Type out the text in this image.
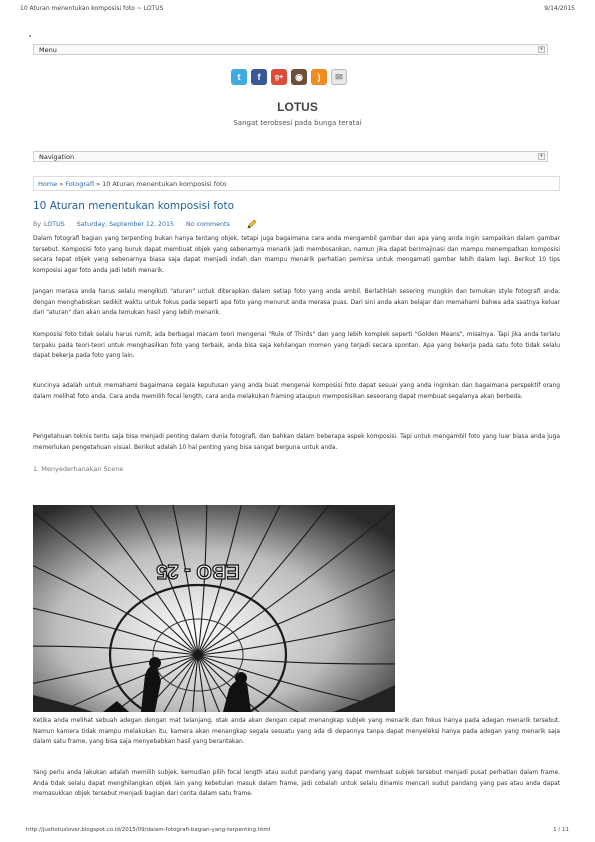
10 Aturan menentukan komposisi foto ~ LOTUS	9/14/2015
Menu	▾
t	f	g+	◉	)	✉
LOTUS
Sangat terobsesi pada bunga teratai
Navigation	▾
Home » Fotografi » 10 Aturan menentukan komposisi foto
10 Aturan menentukan komposisi foto
By LOTUS Saturday, September 12, 2015 No comments
Dalam fotografi bagian yang terpenting bukan hanya tentang objek, tetapi juga bagaimana cara anda mengambil gambar dan apa yang anda ingin sampaikan dalam gambar tersebut. Komposisi foto yang buruk dapat membuat objek yang sebenarnya menarik jadi membosankan, namun jika dapat berimajinasi dan mampu menempatkan komposisi secara tepat objek yang sebenarnya biasa saja dapat menjadi indah dan mampu menarik perhatian pemirsa untuk mengamati gambar lebih dalam lagi. Berikut 10 tips komposisi agar foto anda jadi lebih menarik.
Jangan merasa anda harus selalu mengikuti "aturan" untuk diterapkan dalam setiap foto yang anda ambil. Berlatihlah sesering mungkin dan temukan style fotografi anda, dengan menghabiskan sedikit waktu untuk fokus pada seperti apa foto yang menurut anda merasa puas. Dari sini anda akan belajar dan memahami bahwa ada saatnya keluar dari "aturan" dan akan anda temukan hasil yang lebih menarik.
Komposisi foto tidak selalu harus rumit, ada berbagai macam teori mengenai "Rule of Thirds" dan yang lebih komplek seperti "Golden Means", misalnya. Tapi jika anda terlalu terpaku pada teori-teori untuk menghasilkan foto yang terbaik, anda bisa saja kehilangan momen yang terjadi secara spontan. Apa yang bekerja pada satu foto tidak selalu dapat bekerja pada foto yang lain.
Kuncinya adalah untuk memahami bagaimana segala keputusan yang anda buat mengenai komposisi foto dapat sesuai yang anda inginkan dan bagaimana perspektif orang dalam melihat foto anda. Cara anda memilih focal length, cara anda melakukan framing ataupun memposisikan seseorang dapat membuat segalanya akan berbeda.
Pengetahuan teknis tentu saja bisa menjadi penting dalam dunia fotografi, dan bahkan dalam beberapa aspek komposisi. Tapi untuk mengambil foto yang luar biasa anda juga memerlukan pengetahuan visual. Berikut adalah 10 hal penting yang bisa sangat berguna untuk anda.
1. Menyederhanakan Scene
EBO - 25
Ketika anda melihat sebuah adegan dengan mat telanjang, otak anda akan dengan cepat menangkap subjek yang menarik dan fokus hanya pada adegan menarik tersebut. Namun kamera tidak mampu melakukan itu, kamera akan menangkap segala sesuatu yang ada di depannya tanpa dapat menyeleksi hanya pada adegan yang menarik saja dalam satu frame, yang bisa saja menyebabkan hasil yang berantakan.
Yang perlu anda lakukan adalah memilih subjek, kemudian pilih focal length atau sudut pandang yang dapat membuat subjek tersebut menjadi pusat perhatian dalam frame. Anda tidak selalu dapat menghilangkan objek lain yang kebetulan masuk dalam frame, jadi cobalah untuk selalu dinamis mencari sudut pandang yang pas atau anda dapat memasukkan objek tersebut menjadi bagian dari cerita dalam satu frame.
http://justlotuslover.blogspot.co.id/2015/09/dalam-fotografi-bagian-yang-terpenting.html	1 / 11
